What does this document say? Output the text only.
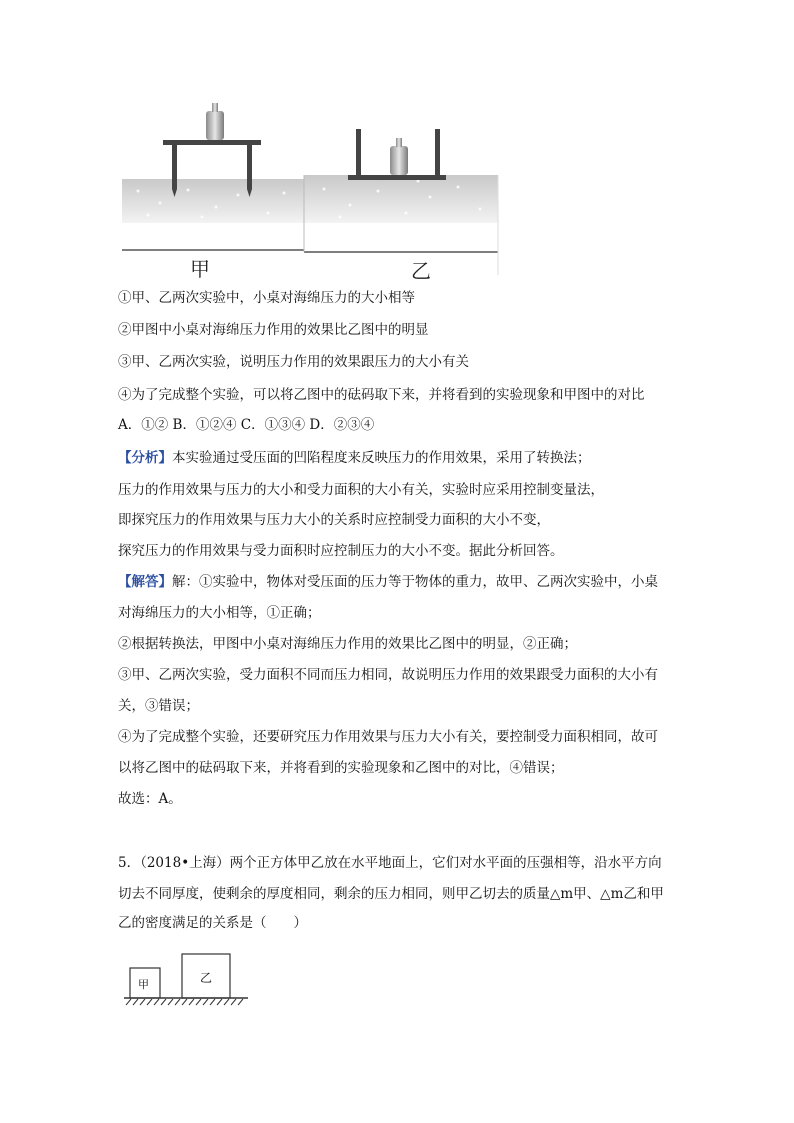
甲	乙
①甲、乙两次实验中，小桌对海绵压力的大小相等
②甲图中小桌对海绵压力作用的效果比乙图中的明显
③甲、乙两次实验，说明压力作用的效果跟压力的大小有关
④为了完成整个实验，可以将乙图中的砝码取下来，并将看到的实验现象和甲图中的对比
A．①② B．①②④ C．①③④ D．②③④
【分析】本实验通过受压面的凹陷程度来反映压力的作用效果，采用了转换法；
压力的作用效果与压力的大小和受力面积的大小有关，实验时应采用控制变量法，
即探究压力的作用效果与压力大小的关系时应控制受力面积的大小不变，
探究压力的作用效果与受力面积时应控制压力的大小不变。据此分析回答。
【解答】解：①实验中，物体对受压面的压力等于物体的重力，故甲、乙两次实验中，小桌
对海绵压力的大小相等，①正确；
②根据转换法，甲图中小桌对海绵压力作用的效果比乙图中的明显，②正确；
③甲、乙两次实验，受力面积不同而压力相同，故说明压力作用的效果跟受力面积的大小有
关，③错误；
④为了完成整个实验，还要研究压力作用效果与压力大小有关，要控制受力面积相同，故可
以将乙图中的砝码取下来，并将看到的实验现象和乙图中的对比，④错误；
故选：A。
5．（2018•上海）两个正方体甲乙放在水平地面上，它们对水平面的压强相等，沿水平方向
切去不同厚度，使剩余的厚度相同，剩余的压力相同，则甲乙切去的质量△m甲、△m乙和甲
乙的密度满足的关系是（　　）
甲	乙
